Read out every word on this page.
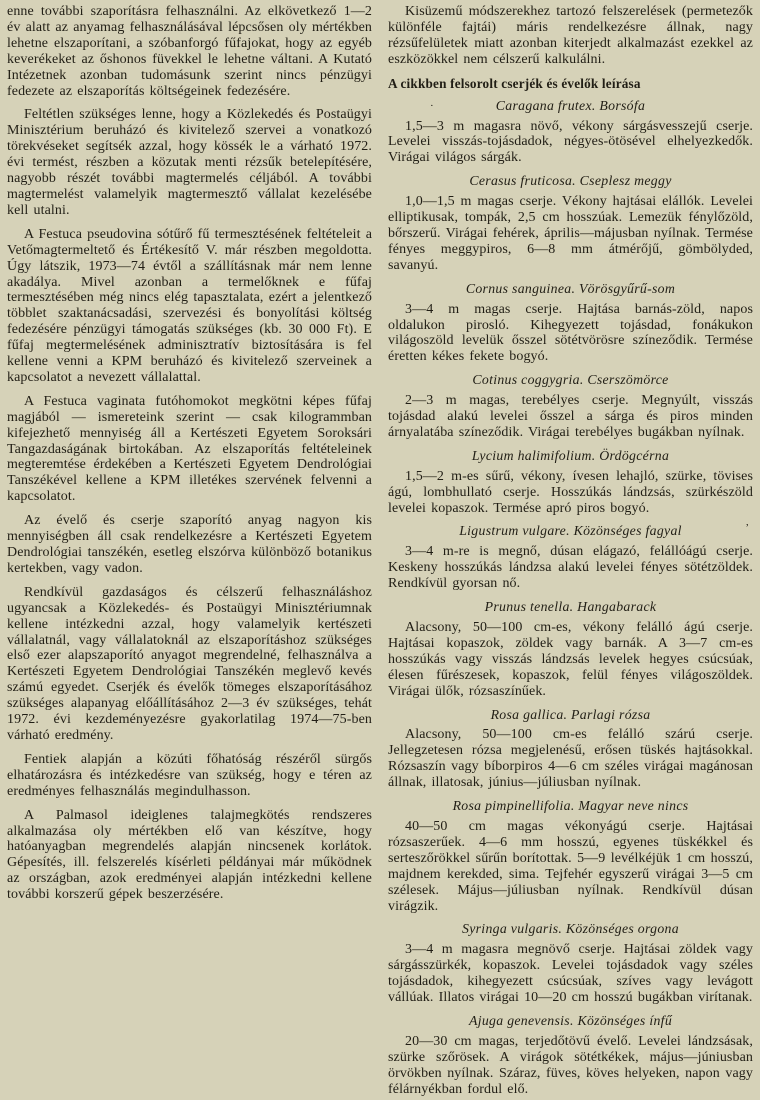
enne további szaporításra felhasználni. Az elkövetkező 1—2 év alatt az anyamag felhasználásával lépcsősen oly mértékben lehetne elszaporítani, a szóbanforgó fűfajokat, hogy az egyéb keverékeket az őshonos füvekkel le lehetne váltani. A Kutató Intézetnek azonban tudomásunk szerint nincs pénzügyi fedezete az elszaporítás költségeinek fedezésére.

Feltétlen szükséges lenne, hogy a Közlekedés és Postaügyi Minisztérium beruházó és kivitelező szervei a vonatkozó törekvéseket segítsék azzal, hogy kössék le a várható 1972. évi termést, részben a közutak menti rézsűk betelepítésére, nagyobb részét további magtermelés céljából. A további magtermelést valamelyik magtermesztő vállalat kezelésébe kell utalni.

A Festuca pseudovina sótűrő fű termesztésének feltételeit a Vetőmagtermeltető és Értékesítő V. már részben megoldotta. Úgy látszik, 1973—74 évtől a szállításnak már nem lenne akadálya. Mivel azonban a termelőknek e fűfaj termesztésében még nincs elég tapasztalata, ezért a jelentkező többlet szaktanácsadási, szervezési és bonyolítási költség fedezésére pénzügyi támogatás szükséges (kb. 30 000 Ft). E fűfaj megtermelésének adminisztratív biztosítására is fel kellene venni a KPM beruházó és kivitelező szerveinek a kapcsolatot a nevezett vállalattal.

A Festuca vaginata futóhomokot megkötni képes fűfaj magjából — ismereteink szerint — csak kilogrammban kifejezhető mennyiség áll a Kertészeti Egyetem Soroksári Tangazdaságának birtokában. Az elszaporítás feltételeinek megteremtése érdekében a Kertészeti Egyetem Dendrológiai Tanszékével kellene a KPM illetékes szervének felvenni a kapcsolatot.

Az évelő és cserje szaporító anyag nagyon kis mennyiségben áll csak rendelkezésre a Kertészeti Egyetem Dendrológiai tanszékén, esetleg elszórva különböző botanikus kertekben, vagy vadon.

Rendkívül gazdaságos és célszerű felhasználáshoz ugyancsak a Közlekedés- és Postaügyi Minisztériumnak kellene intézkedni azzal, hogy valamelyik kertészeti vállalatnál, vagy vállalatoknál az elszaporításhoz szükséges első ezer alapszaporító anyagot megrendelné, felhasználva a Kertészeti Egyetem Dendrológiai Tanszékén meglevő kevés számú egyedet. Cserjék és évelők tömeges elszaporításához szükséges alapanyag előállításához 2—3 év szükséges, tehát 1972. évi kezdeményezésre gyakorlatilag 1974—75-ben várható eredmény.

Fentiek alapján a közúti főhatóság részéről sürgős elhatározásra és intézkedésre van szükség, hogy e téren az eredményes felhasználás megindulhasson.

A Palmasol ideiglenes talajmegkötés rendszeres alkalmazása oly mértékben elő van készítve, hogy hatóanyagban megrendelés alapján nincsenek korlátok. Gépesítés, ill. felszerelés kísérleti példányai már működnek az országban, azok eredményei alapján intézkedni kellene további korszerű gépek beszerzésére.

Kisüzemű módszerekhez tartozó felszerelések (permetezők különféle fajtái) máris rendelkezésre állnak, nagy rézsűfelületek miatt azonban kiterjedt alkalmazást ezekkel az eszközökkel nem célszerű kalkulálni.

A cikkben felsorolt cserjék és évelők leírása
·	Caragana frutex. Borsófa

1,5—3 m magasra növő, vékony sárgásvesszejű cserje. Levelei visszás-tojásdadok, négyes-ötösével elhelyezkedők. Virágai világos sárgák.

Cerasus fruticosa. Cseplesz meggy

1,0—1,5 m magas cserje. Vékony hajtásai elállók. Levelei elliptikusak, tompák, 2,5 cm hosszúak. Lemezük fénylőzöld, bőrszerű. Virágai fehérek, április—májusban nyílnak. Termése fényes meggypiros, 6—8 mm átmérőjű, gömbölyded, savanyú.

Cornus sanguinea. Vörösgyűrű-som

3—4 m magas cserje. Hajtása barnás-zöld, napos oldalukon pirosló. Kihegyezett tojásdad, fonákukon világoszöld levelük ősszel sötétvörösre színeződik. Termése éretten kékes fekete bogyó.

Cotinus coggygria. Cserszömörce

2—3 m magas, terebélyes cserje. Megnyúlt, visszás tojásdad alakú levelei ősszel a sárga és piros minden árnyalatába színeződik. Virágai terebélyes bugákban nyílnak.

Lycium halimifolium. Ördögcérna

1,5—2 m-es sűrű, vékony, ívesen lehajló, szürke, tövises ágú, lombhullató cserje. Hosszúkás lándzsás, szürkészöld levelei kopaszok. Termése apró piros bogyó.

Ligustrum vulgare. Közönséges fagyal	’

3—4 m-re is megnő, dúsan elágazó, felállóágú cserje. Keskeny hosszúkás lándzsa alakú levelei fényes sötétzöldek. Rendkívül gyorsan nő.

Prunus tenella. Hangabarack

Alacsony, 50—100 cm-es, vékony felálló ágú cserje. Hajtásai kopaszok, zöldek vagy barnák. A 3—7 cm-es hosszúkás vagy visszás lándzsás levelek hegyes csúcsúak, élesen fűrészesek, kopaszok, felül fényes világoszöldek. Virágai ülők, rózsaszínűek.

Rosa gallica. Parlagi rózsa

Alacsony, 50—100 cm-es felálló szárú cserje. Jellegzetesen rózsa megjelenésű, erősen tüskés hajtásokkal. Rózsaszín vagy bíborpiros 4—6 cm széles virágai magánosan állnak, illatosak, június—júliusban nyílnak.

Rosa pimpinellifolia. Magyar neve nincs

40—50 cm magas vékonyágú cserje. Hajtásai rózsaszerűek. 4—6 mm hosszú, egyenes tüskékkel és serteszőrökkel sűrűn borítottak. 5—9 levélkéjük 1 cm hosszú, majdnem kerekded, sima. Tejfehér egyszerű virágai 3—5 cm szélesek. Május—júliusban nyílnak. Rendkívül dúsan virágzik.

Syringa vulgaris. Közönséges orgona

3—4 m magasra megnövő cserje. Hajtásai zöldek vagy sárgásszürkék, kopaszok. Levelei tojásdadok vagy széles tojásdadok, kihegyezett csúcsúak, szíves vagy levágott vállúak. Illatos virágai 10—20 cm hosszú bugákban virítanak.

Ajuga genevensis. Közönséges ínfű

20—30 cm magas, terjedőtövű évelő. Levelei lándzsásak, szürke szőrösek. A virágok sötétkékek, május—júniusban örvökben nyílnak. Száraz, füves, köves helyeken, napon vagy félárnyékban fordul elő.
